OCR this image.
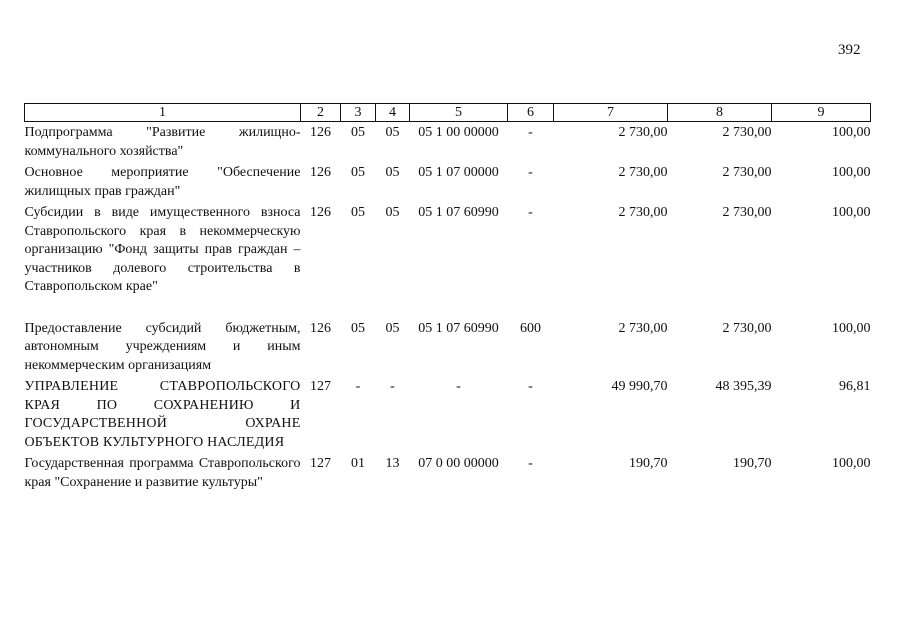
392
1	2	3	4	5	6	7	8	9
Подпрограмма "Развитие жилищно-коммунального хозяйства"	126	05	05	05 1 00 00000	-	2 730,00	2 730,00	100,00
Основное мероприятие "Обеспечение жилищных прав граждан"	126	05	05	05 1 07 00000	-	2 730,00	2 730,00	100,00
Субсидии в виде имущественного взноса Ставропольского края в некоммерческую организацию "Фонд защиты прав граждан – участников долевого строительства в Ставропольском крае"	126	05	05	05 1 07 60990	-	2 730,00	2 730,00	100,00

Предоставление субсидий бюджетным, автономным учреждениям и иным некоммерческим организациям	126	05	05	05 1 07 60990	600	2 730,00	2 730,00	100,00
УПРАВЛЕНИЕ СТАВРОПОЛЬСКОГО КРАЯ ПО СОХРАНЕНИЮ И ГОСУДАРСТВЕННОЙ ОХРАНЕ ОБЪЕКТОВ КУЛЬТУРНОГО НАСЛЕДИЯ	127	-	-	-	-	49 990,70	48 395,39	96,81
Государственная программа Ставропольского края "Сохранение и развитие культуры"	127	01	13	07 0 00 00000	-	190,70	190,70	100,00
